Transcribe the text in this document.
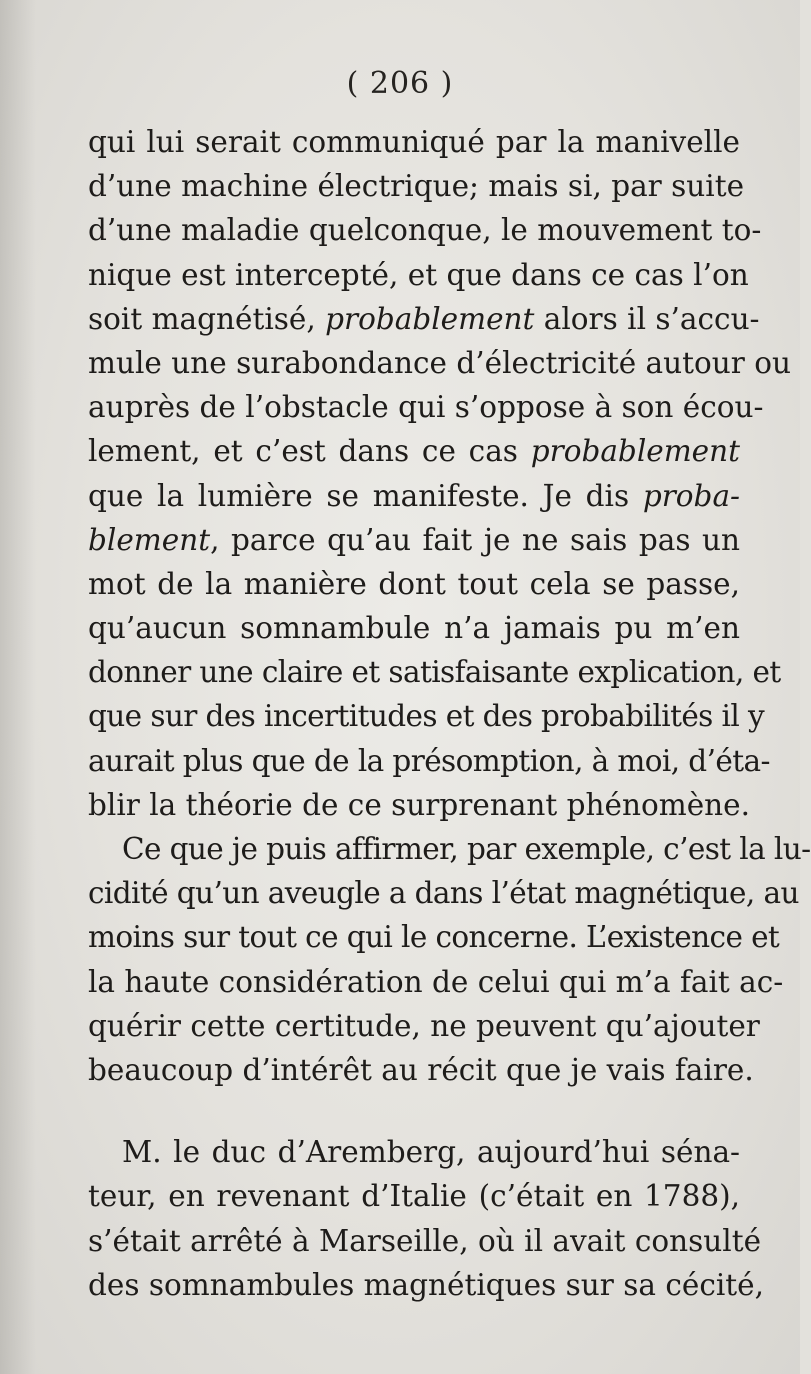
( 206 )
qui lui serait communiqué par la manivelle
d’une machine électrique; mais si, par suite
d’une maladie quelconque, le mouvement to-
nique est intercepté, et que dans ce cas l’on
soit magnétisé, probablement alors il s’accu-
mule une surabondance d’électricité autour ou
auprès de l’obstacle qui s’oppose à son écou-
lement, et c’est dans ce cas probablement
que la lumière se manifeste. Je dis proba-
blement, parce qu’au fait je ne sais pas un
mot de la manière dont tout cela se passe,
qu’aucun somnambule n’a jamais pu m’en
donner une claire et satisfaisante explication, et
que sur des incertitudes et des probabilités il y
aurait plus que de la présomption, à moi, d’éta-
blir la théorie de ce surprenant phénomène.
Ce que je puis affirmer, par exemple, c’est la lu-
cidité qu’un aveugle a dans l’état magnétique, au
moins sur tout ce qui le concerne. L’existence et
la haute considération de celui qui m’a fait ac-
quérir cette certitude, ne peuvent qu’ajouter
beaucoup d’intérêt au récit que je vais faire.
M. le duc d’Aremberg, aujourd’hui séna-
teur, en revenant d’Italie (c’était en 1788),
s’était arrêté à Marseille, où il avait consulté
des somnambules magnétiques sur sa cécité,
